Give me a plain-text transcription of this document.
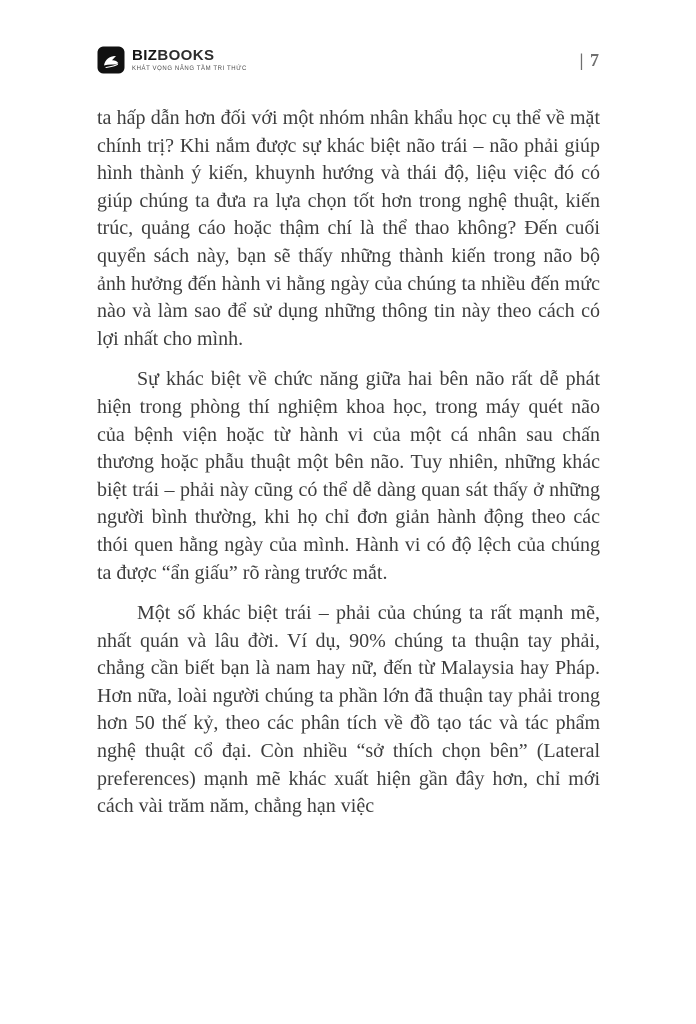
BIZBOOKS
KHÁT VỌNG NÂNG TẦM TRI THỨC	| 7

ta hấp dẫn hơn đối với một nhóm nhân khẩu học cụ thể về mặt chính trị? Khi nắm được sự khác biệt não trái – não phải giúp hình thành ý kiến, khuynh hướng và thái độ, liệu việc đó có giúp chúng ta đưa ra lựa chọn tốt hơn trong nghệ thuật, kiến trúc, quảng cáo hoặc thậm chí là thể thao không? Đến cuối quyển sách này, bạn sẽ thấy những thành kiến trong não bộ ảnh hưởng đến hành vi hằng ngày của chúng ta nhiều đến mức nào và làm sao để sử dụng những thông tin này theo cách có lợi nhất cho mình.

Sự khác biệt về chức năng giữa hai bên não rất dễ phát hiện trong phòng thí nghiệm khoa học, trong máy quét não của bệnh viện hoặc từ hành vi của một cá nhân sau chấn thương hoặc phẫu thuật một bên não. Tuy nhiên, những khác biệt trái – phải này cũng có thể dễ dàng quan sát thấy ở những người bình thường, khi họ chỉ đơn giản hành động theo các thói quen hằng ngày của mình. Hành vi có độ lệch của chúng ta được “ẩn giấu” rõ ràng trước mắt.

Một số khác biệt trái – phải của chúng ta rất mạnh mẽ, nhất quán và lâu đời. Ví dụ, 90% chúng ta thuận tay phải, chẳng cần biết bạn là nam hay nữ, đến từ Malaysia hay Pháp. Hơn nữa, loài người chúng ta phần lớn đã thuận tay phải trong hơn 50 thế kỷ, theo các phân tích về đồ tạo tác và tác phẩm nghệ thuật cổ đại. Còn nhiều “sở thích chọn bên” (Lateral preferences) mạnh mẽ khác xuất hiện gần đây hơn, chỉ mới cách vài trăm năm, chẳng hạn việc
